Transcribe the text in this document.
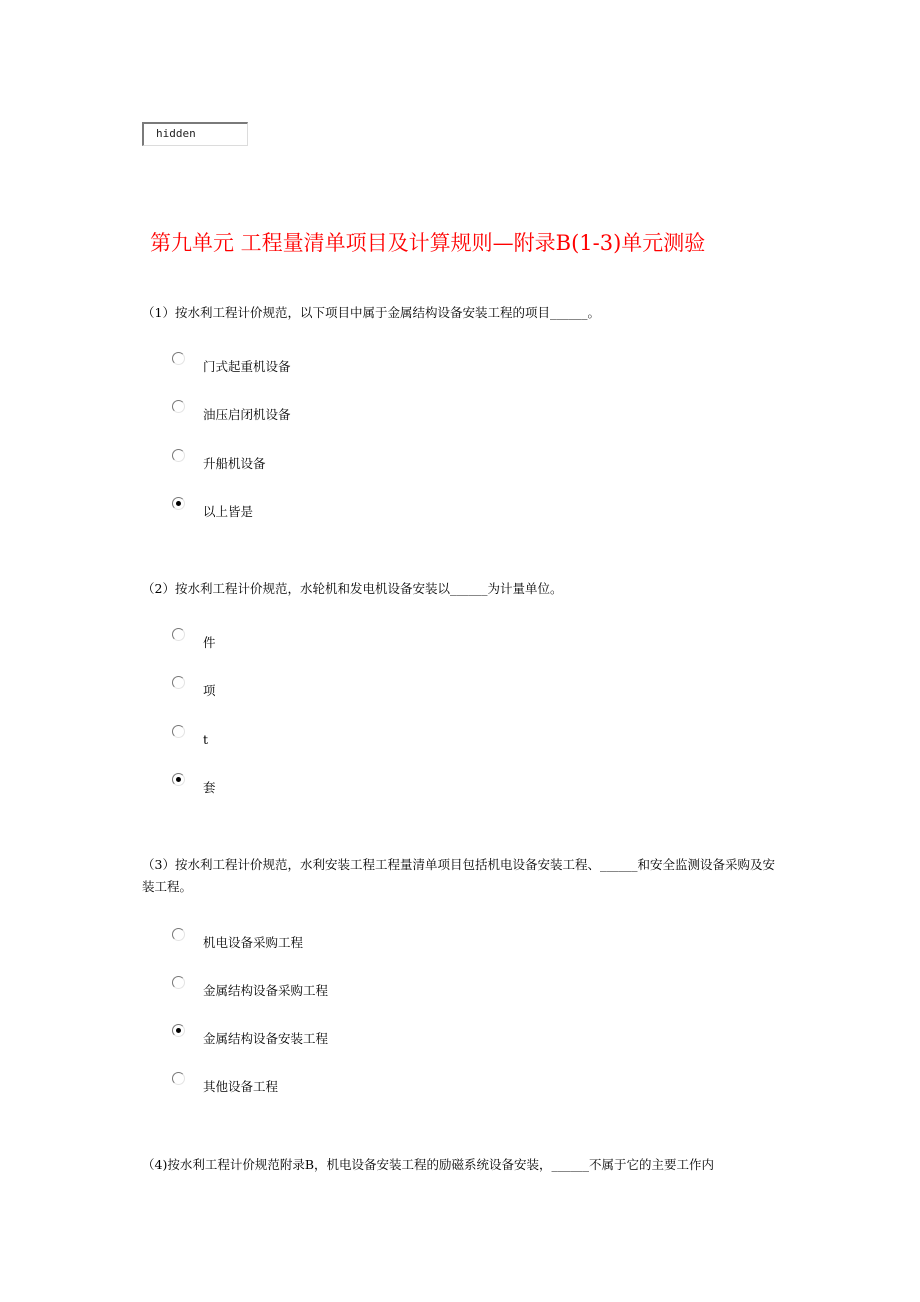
hidden
第九单元 工程量清单项目及计算规则—附录B(1-3)单元测验

（1）按水利工程计价规范，以下项目中属于金属结构设备安装工程的项目______。

门式起重机设备
油压启闭机设备
升船机设备
以上皆是

（2）按水利工程计价规范，水轮机和发电机设备安装以______为计量单位。

件
项
t
套

（3）按水利工程计价规范，水利安装工程工程量清单项目包括机电设备安装工程、______和安全监测设备采购及安装工程。

机电设备采购工程
金属结构设备采购工程
金属结构设备安装工程
其他设备工程

（4)按水利工程计价规范附录B，机电设备安装工程的励磁系统设备安装，______不属于它的主要工作内
